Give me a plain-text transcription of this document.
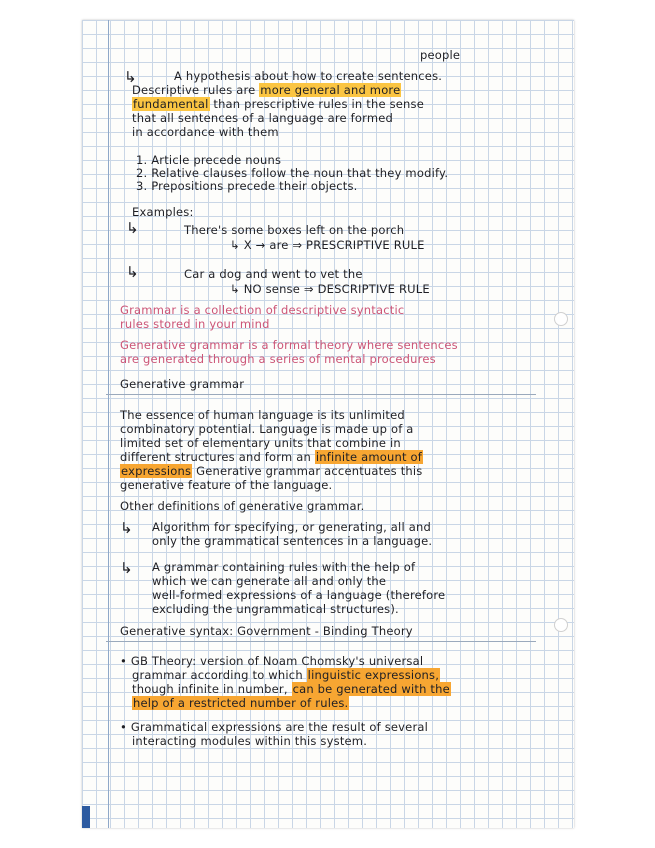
↳
↳
↳
↳
↳
people
A hypothesis about how to create sentences.
Descriptive rules are more general and more
fundamental than prescriptive rules in the sense
that all sentences of a language are formed
in accordance with them
1. Article precede nouns
2. Relative clauses follow the noun that they modify.
3. Prepositions precede their objects.
Examples:
There's some boxes left on the porch
↳ X → are ⇒ PRESCRIPTIVE RULE
Car a dog and went to vet the
↳ NO sense ⇒ DESCRIPTIVE RULE
Grammar is a collection of descriptive syntactic
rules stored in your mind
Generative grammar is a formal theory where sentences
are generated through a series of mental procedures
Generative grammar
The essence of human language is its unlimited
combinatory potential. Language is made up of a
limited set of elementary units that combine in
different structures and form an infinite amount of
expressions Generative grammar accentuates this
generative feature of the language.
Other definitions of generative grammar.
Algorithm for specifying, or generating, all and
only the grammatical sentences in a language.
A grammar containing rules with the help of
which we can generate all and only the
well-formed expressions of a language (therefore
excluding the ungrammatical structures).
Generative syntax: Government - Binding Theory
• GB Theory: version of Noam Chomsky's universal
grammar according to which linguistic expressions,
though infinite in number, can be generated with the
help of a restricted number of rules.
• Grammatical expressions are the result of several
interacting modules within this system.
